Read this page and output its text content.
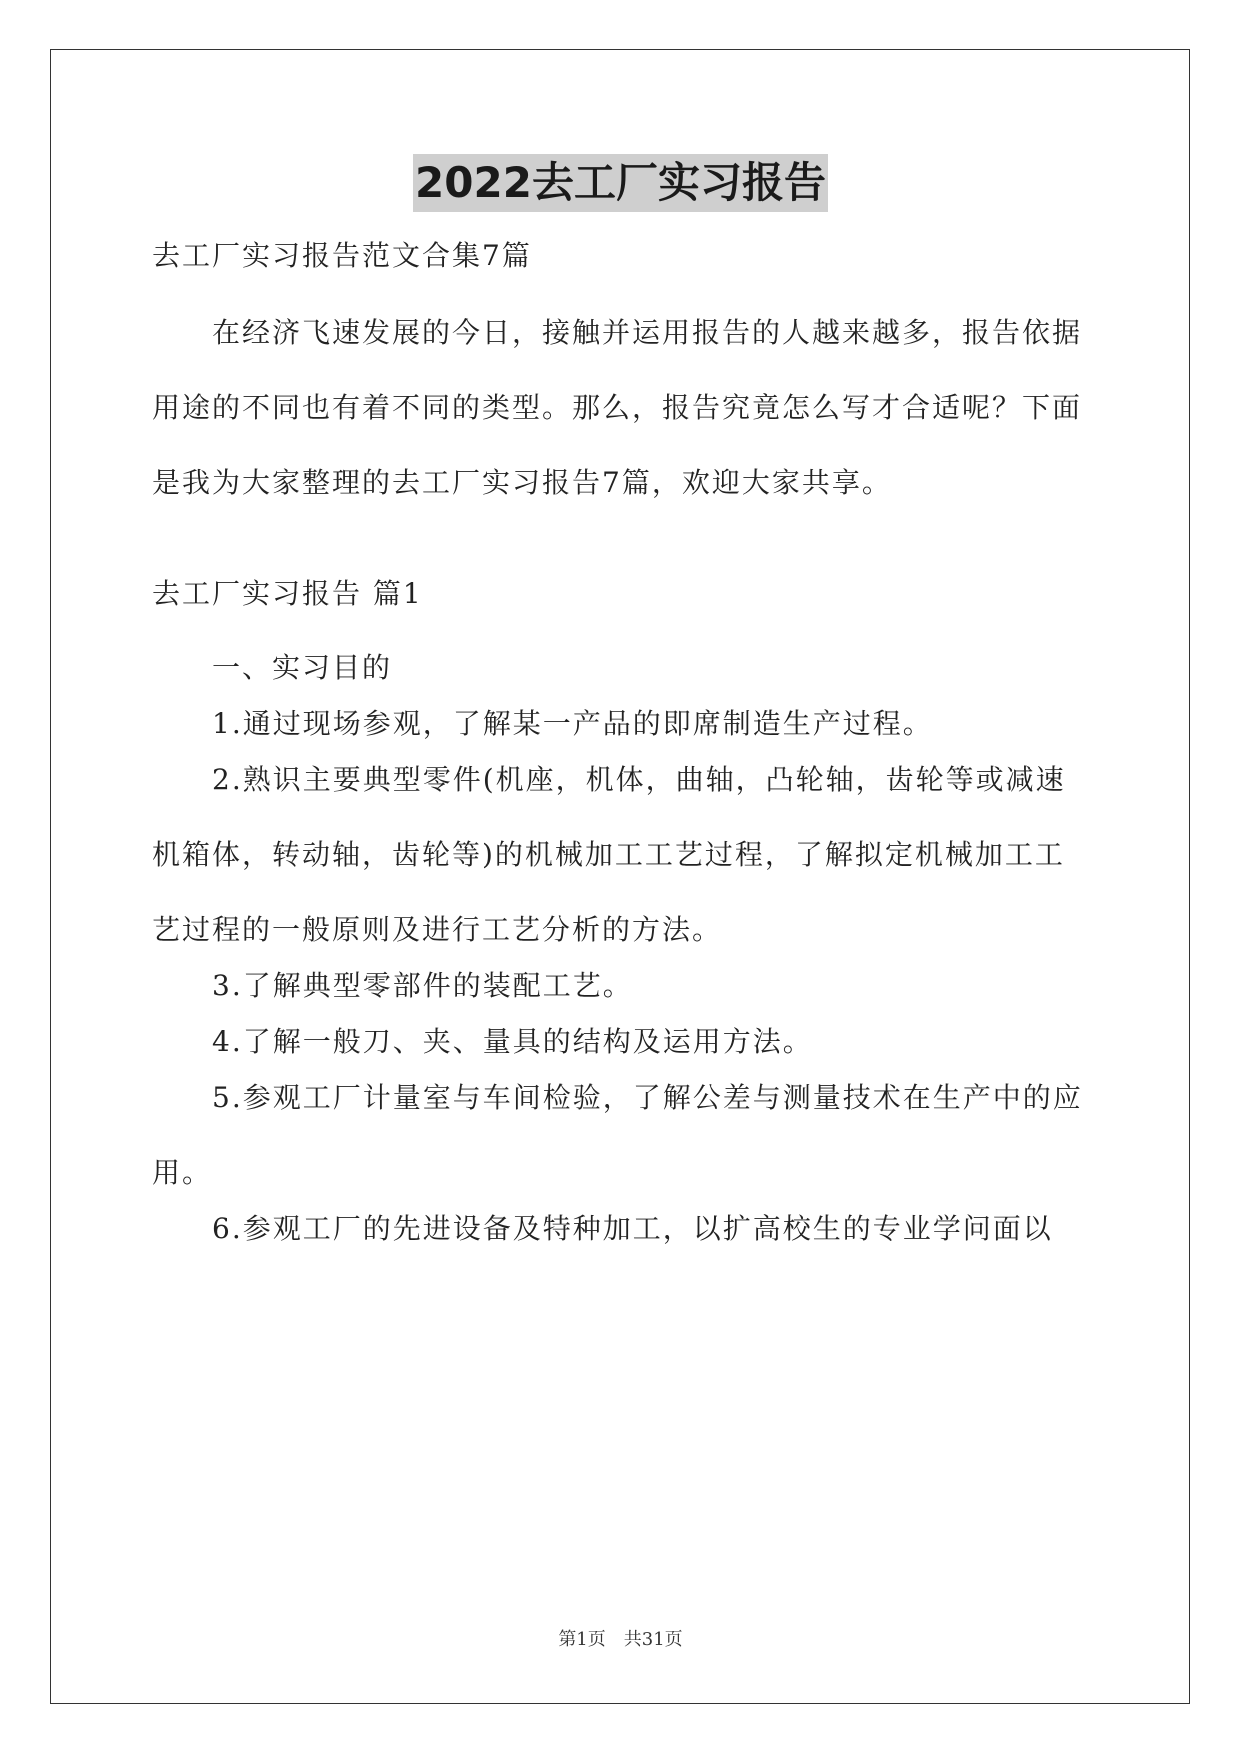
2022去工厂实习报告

去工厂实习报告范文合集7篇

在经济飞速发展的今日，接触并运用报告的人越来越多，报告依据用途的不同也有着不同的类型。那么，报告究竟怎么写才合适呢？下面是我为大家整理的去工厂实习报告7篇，欢迎大家共享。

去工厂实习报告 篇1

一、实习目的

1.通过现场参观，了解某一产品的即席制造生产过程。

2.熟识主要典型零件(机座，机体，曲轴，凸轮轴，齿轮等或减速机箱体，转动轴，齿轮等)的机械加工工艺过程，了解拟定机械加工工艺过程的一般原则及进行工艺分析的方法。

3.了解典型零部件的装配工艺。

4.了解一般刀、夹、量具的结构及运用方法。

5.参观工厂计量室与车间检验，了解公差与测量技术在生产中的应用。

6.参观工厂的先进设备及特种加工，以扩高校生的专业学问面以

第1页 共31页
